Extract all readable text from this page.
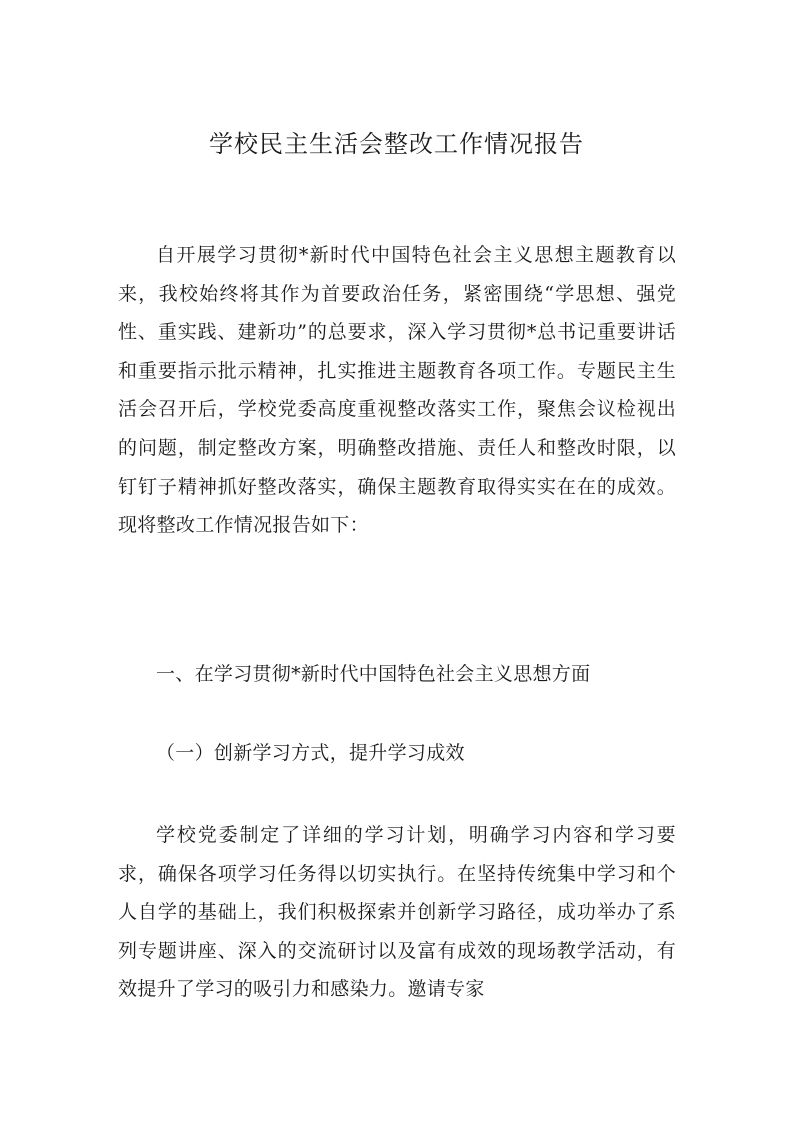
学校民主生活会整改工作情况报告

自开展学习贯彻*新时代中国特色社会主义思想主题教育以来，我校始终将其作为首要政治任务，紧密围绕“学思想、强党性、重实践、建新功”的总要求，深入学习贯彻*总书记重要讲话和重要指示批示精神，扎实推进主题教育各项工作。专题民主生活会召开后，学校党委高度重视整改落实工作，聚焦会议检视出的问题，制定整改方案，明确整改措施、责任人和整改时限，以钉钉子精神抓好整改落实，确保主题教育取得实实在在的成效。现将整改工作情况报告如下：

一、在学习贯彻*新时代中国特色社会主义思想方面

（一）创新学习方式，提升学习成效

学校党委制定了详细的学习计划，明确学习内容和学习要求，确保各项学习任务得以切实执行。在坚持传统集中学习和个人自学的基础上，我们积极探索并创新学习路径，成功举办了系列专题讲座、深入的交流研讨以及富有成效的现场教学活动，有效提升了学习的吸引力和感染力。邀请专家
